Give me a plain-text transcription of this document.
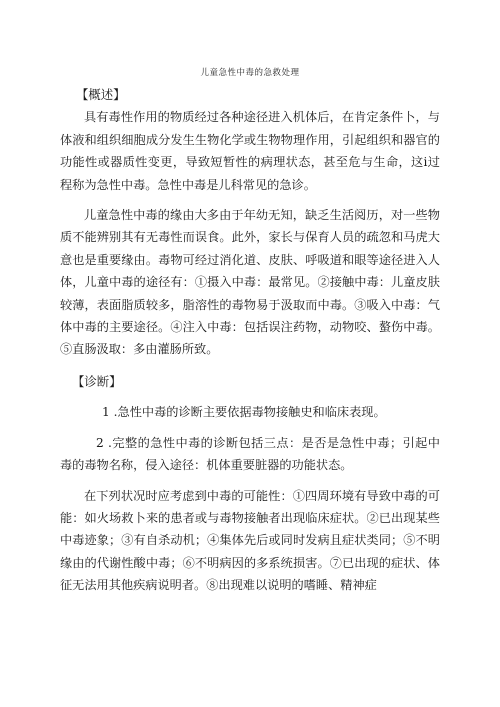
儿童急性中毒的急救处理

【概述】

具有毒性作用的物质经过各种途径进入机体后，在肯定条件卜，与体液和组织细胞成分发生生物化学或生物物理作用，引起组织和器官的功能性或器质性变更，导致短暂性的病理状态，甚至危与生命，这i过程称为急性中毒。急性中毒是儿科常见的急诊。

儿童急性中毒的缘由大多由于年幼无知，缺乏生活阅历，对一些物质不能辨别其有无毒性而误食。此外，家长与保育人员的疏忽和马虎大意也是重要缘由。毒物可经过消化道、皮肤、呼吸道和眼等途径进入人体，儿童中毒的途径有：①摄入中毒：最常见。②接触中毒：儿童皮肤较薄，表面脂质较多，脂溶性的毒物易于汲取而中毒。③吸入中毒：气体中毒的主要途径。④注入中毒：包括误注药物，动物咬、螯伤中毒。⑤直肠汲取：多由灌肠所致。

【诊断】

1 .急性中毒的诊断主要依据毒物接触史和临床表现。

2 .完整的急性中毒的诊断包括三点：是否是急性中毒；引起中毒的毒物名称，侵入途径：机体重要脏器的功能状态。

在下列状况时应考虑到中毒的可能性：①四周环境有导致中毒的可能：如火场救卜来的患者或与毒物接触者出现临床症状。②已出现某些中毒迹象；③有自杀动机；④集体先后或同时发病且症状类同；⑤不明缘由的代谢性酸中毒；⑥不明病因的多系统损害。⑦已出现的症状、体征无法用其他疾病说明者。⑧出现难以说明的嗜睡、精神症
